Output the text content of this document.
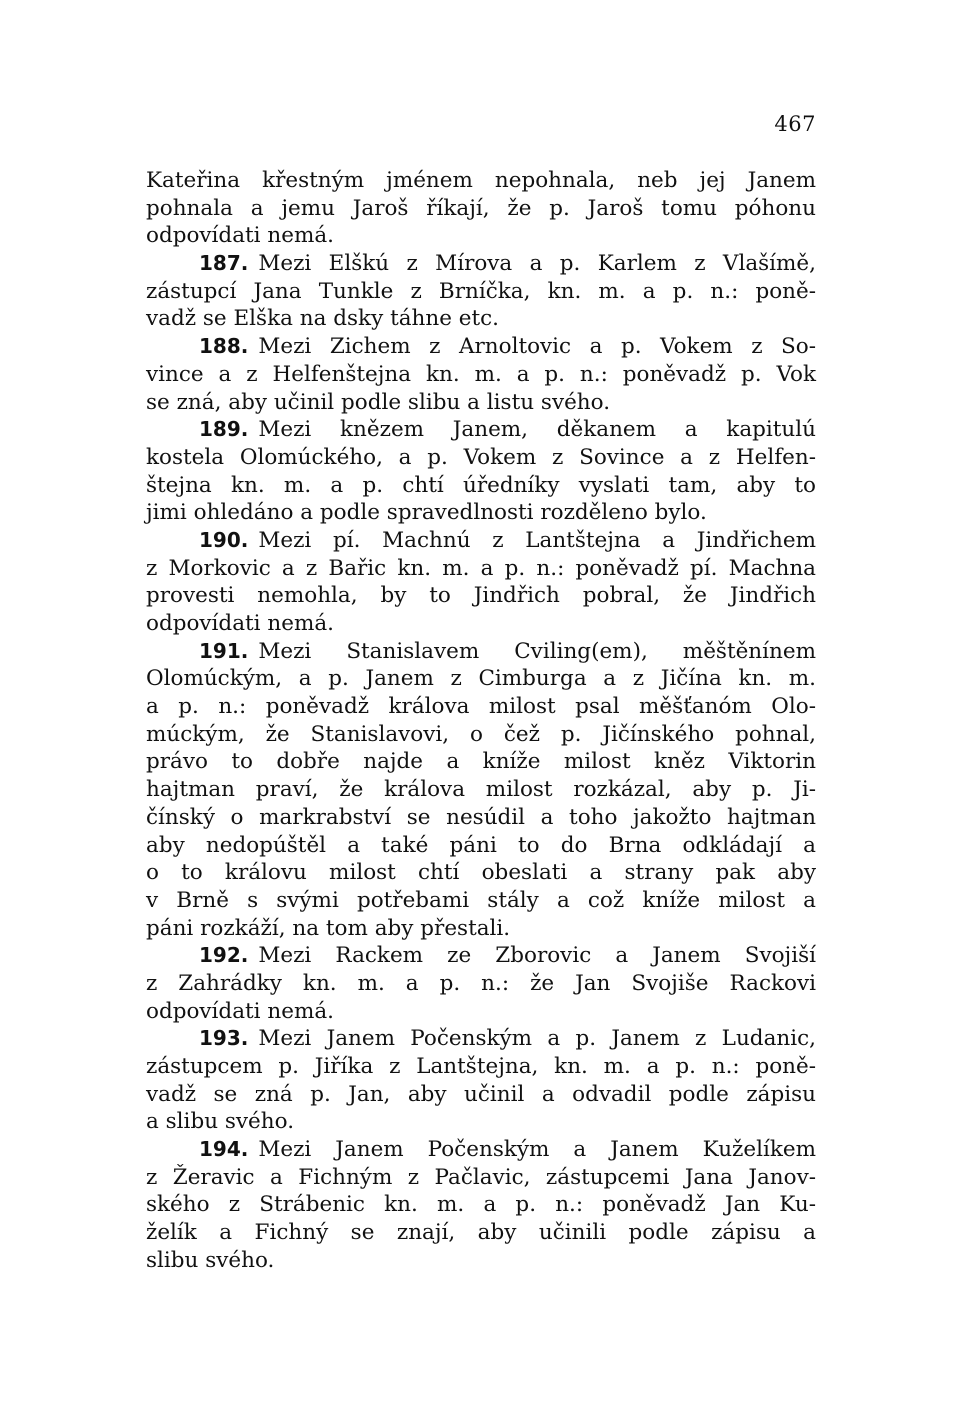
467
Kateřina křestným jménem nepohnala, neb jej Janem
pohnala a jemu Jaroš říkají, že p. Jaroš tomu póhonu
odpovídati nemá.
187. Mezi Elškú z Mírova a p. Karlem z Vlašímě,
zástupcí Jana Tunkle z Brníčka, kn. m. a p. n.: poně-
vadž se Elška na dsky táhne etc.
188. Mezi Zichem z Arnoltovic a p. Vokem z So-
vince a z Helfenštejna kn. m. a p. n.: poněvadž p. Vok
se zná, aby učinil podle slibu a listu svého.
189. Mezi knězem Janem, děkanem a kapitulú
kostela Olomúckého, a p. Vokem z Sovince a z Helfen-
štejna kn. m. a p. chtí úředníky vyslati tam, aby to
jimi ohledáno a podle spravedlnosti rozděleno bylo.
190. Mezi pí. Machnú z Lantštejna a Jindřichem
z Morkovic a z Bařic kn. m. a p. n.: poněvadž pí. Machna
provesti nemohla, by to Jindřich pobral, že Jindřich
odpovídati nemá.
191. Mezi Stanislavem Cviling(em), měštěnínem
Olomúckým, a p. Janem z Cimburga a z Jičína kn. m.
a p. n.: poněvadž králova milost psal měšťanóm Olo-
múckým, že Stanislavovi, o čež p. Jičínského pohnal,
právo to dobře najde a kníže milost kněz Viktorin
hajtman praví, že králova milost rozkázal, aby p. Ji-
čínský o markrabství se nesúdil a toho jakožto hajtman
aby nedopúštěl a také páni to do Brna odkládají a
o to královu milost chtí obeslati a strany pak aby
v Brně s svými potřebami stály a což kníže milost a
páni rozkáží, na tom aby přestali.
192. Mezi Rackem ze Zborovic a Janem Svojiší
z Zahrádky kn. m. a p. n.: že Jan Svojiše Rackovi
odpovídati nemá.
193. Mezi Janem Počenským a p. Janem z Ludanic,
zástupcem p. Jiříka z Lantštejna, kn. m. a p. n.: poně-
vadž se zná p. Jan, aby učinil a odvadil podle zápisu
a slibu svého.
194. Mezi Janem Počenským a Janem Kuželíkem
z Žeravic a Fichným z Pačlavic, zástupcemi Jana Janov-
ského z Strábenic kn. m. a p. n.: poněvadž Jan Ku-
želík a Fichný se znají, aby učinili podle zápisu a
slibu svého.
